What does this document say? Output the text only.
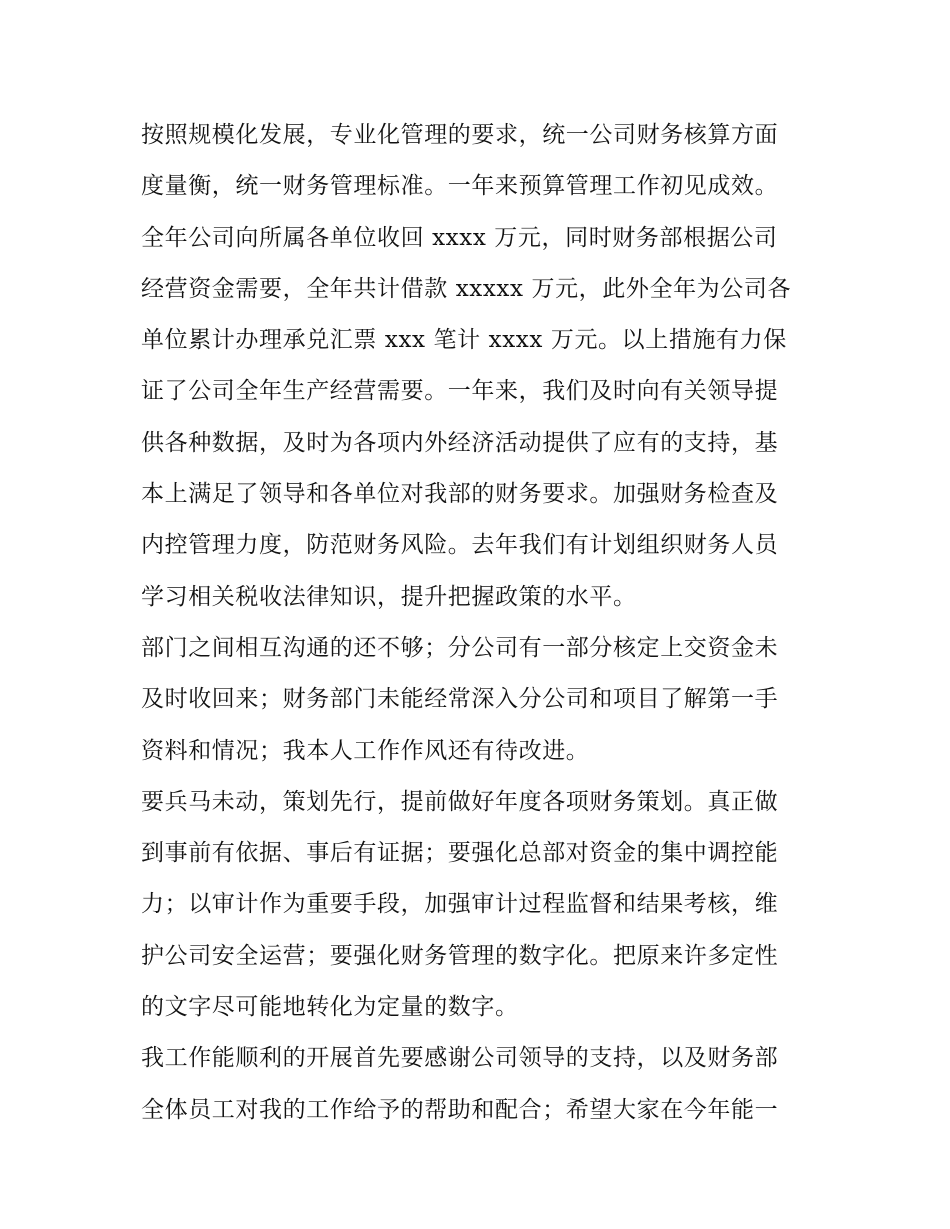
按照规模化发展，专业化管理的要求，统一公司财务核算方面
度量衡，统一财务管理标准。一年来预算管理工作初见成效。
全年公司向所属各单位收回 xxxx 万元，同时财务部根据公司
经营资金需要，全年共计借款 xxxxx 万元，此外全年为公司各
单位累计办理承兑汇票 xxx 笔计 xxxx 万元。以上措施有力保
证了公司全年生产经营需要。一年来，我们及时向有关领导提
供各种数据，及时为各项内外经济活动提供了应有的支持，基
本上满足了领导和各单位对我部的财务要求。加强财务检查及
内控管理力度，防范财务风险。去年我们有计划组织财务人员
学习相关税收法律知识，提升把握政策的水平。
部门之间相互沟通的还不够；分公司有一部分核定上交资金未
及时收回来；财务部门未能经常深入分公司和项目了解第一手
资料和情况；我本人工作作风还有待改进。
要兵马未动，策划先行，提前做好年度各项财务策划。真正做
到事前有依据、事后有证据；要强化总部对资金的集中调控能
力；以审计作为重要手段，加强审计过程监督和结果考核，维
护公司安全运营；要强化财务管理的数字化。把原来许多定性
的文字尽可能地转化为定量的数字。
我工作能顺利的开展首先要感谢公司领导的支持，以及财务部
全体员工对我的工作给予的帮助和配合；希望大家在今年能一
